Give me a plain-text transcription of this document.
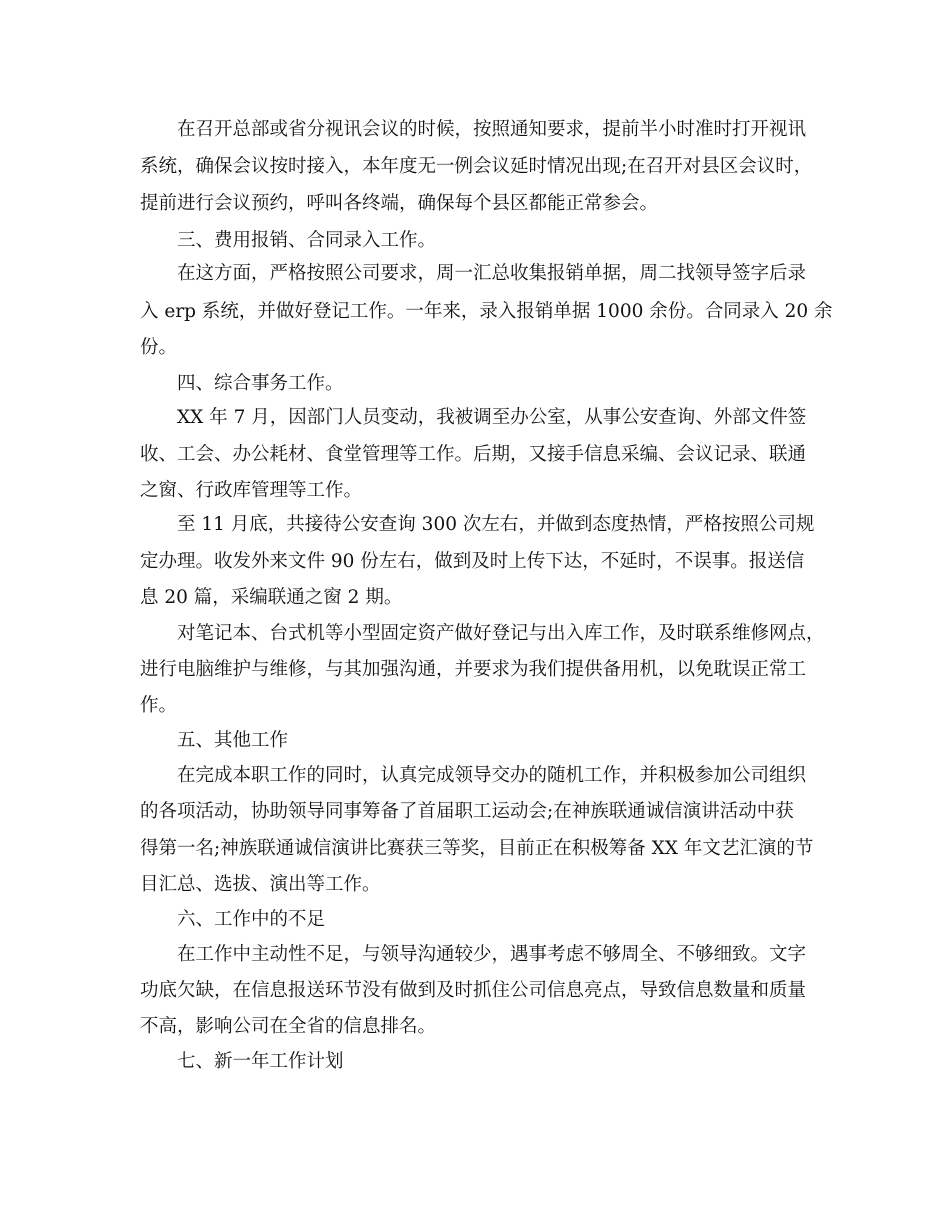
在召开总部或省分视讯会议的时候，按照通知要求，提前半小时准时打开视讯
系统，确保会议按时接入，本年度无一例会议延时情况出现;在召开对县区会议时，
提前进行会议预约，呼叫各终端，确保每个县区都能正常参会。
三、费用报销、合同录入工作。
在这方面，严格按照公司要求，周一汇总收集报销单据，周二找领导签字后录
入 erp 系统，并做好登记工作。一年来，录入报销单据 1000 余份。合同录入 20 余
份。
四、综合事务工作。
XX 年 7 月，因部门人员变动，我被调至办公室，从事公安查询、外部文件签
收、工会、办公耗材、食堂管理等工作。后期，又接手信息采编、会议记录、联通
之窗、行政库管理等工作。
至 11 月底，共接待公安查询 300 次左右，并做到态度热情，严格按照公司规
定办理。收发外来文件 90 份左右，做到及时上传下达，不延时，不误事。报送信
息 20 篇，采编联通之窗 2 期。
对笔记本、台式机等小型固定资产做好登记与出入库工作，及时联系维修网点，
进行电脑维护与维修，与其加强沟通，并要求为我们提供备用机，以免耽误正常工
作。
五、其他工作
在完成本职工作的同时，认真完成领导交办的随机工作，并积极参加公司组织
的各项活动，协助领导同事筹备了首届职工运动会;在神族联通诚信演讲活动中获
得第一名;神族联通诚信演讲比赛获三等奖，目前正在积极筹备 XX 年文艺汇演的节
目汇总、选拔、演出等工作。
六、工作中的不足
在工作中主动性不足，与领导沟通较少，遇事考虑不够周全、不够细致。文字
功底欠缺，在信息报送环节没有做到及时抓住公司信息亮点，导致信息数量和质量
不高，影响公司在全省的信息排名。
七、新一年工作计划
